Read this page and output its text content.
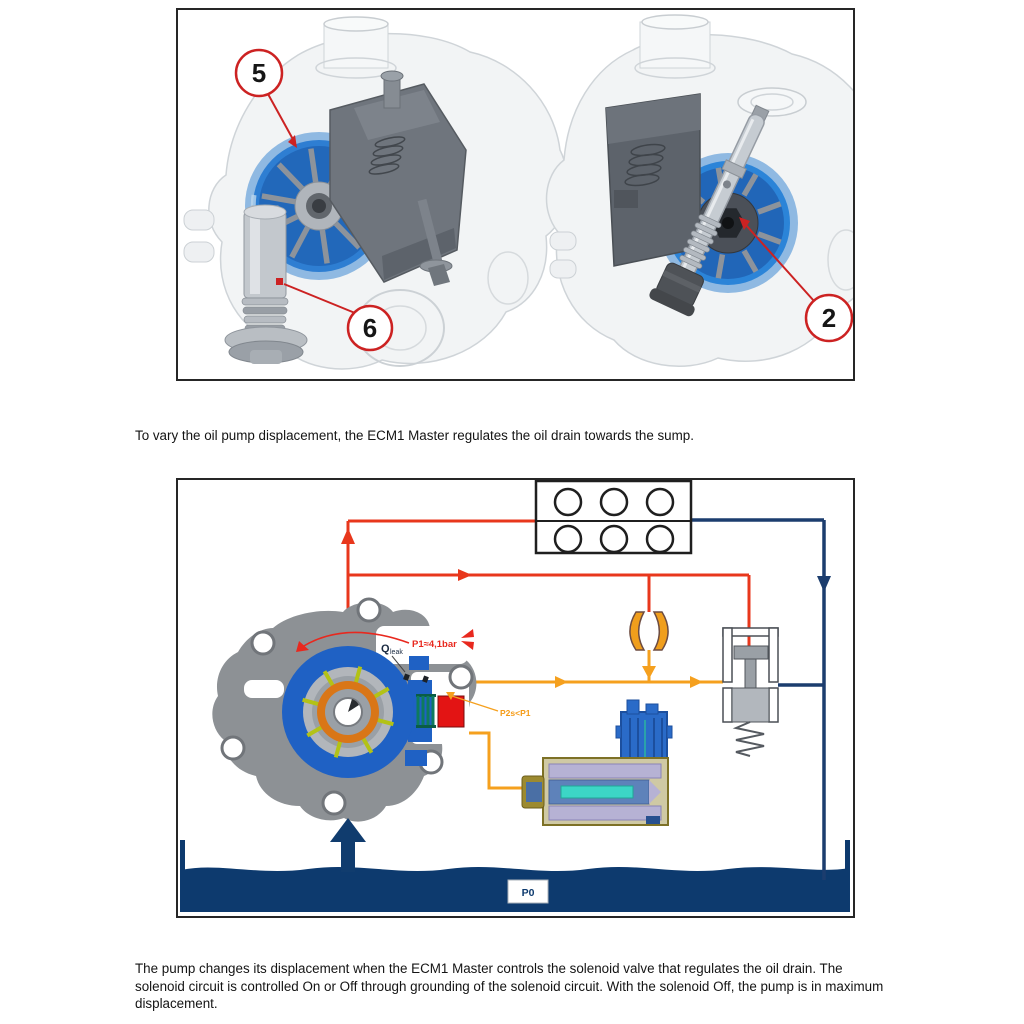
5
6	2

To vary the oil pump displacement, the ECM1 Master regulates the oil drain towards the sump.

P1≈4,1bar
Q leak
P2s<P1
P0

The pump changes its displacement when the ECM1 Master controls the solenoid valve that regulates the oil drain. The solenoid circuit is controlled On or Off through grounding of the solenoid circuit. With the solenoid Off, the pump is in maximum displacement.
